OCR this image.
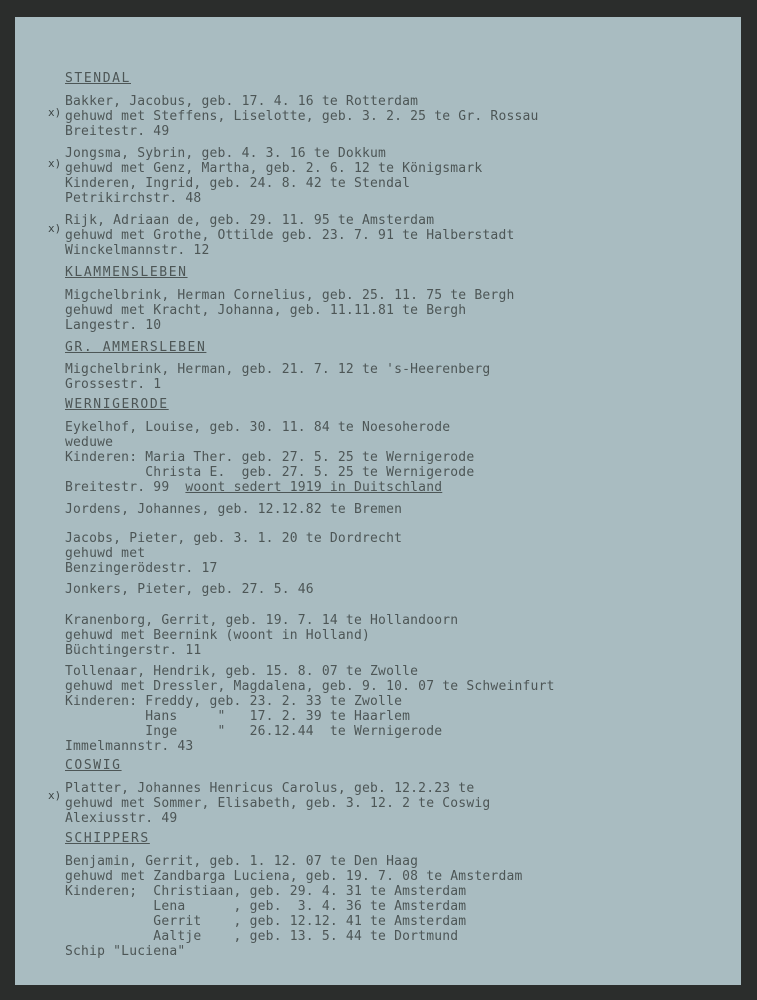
STENDAL
Bakker, Jacobus, geb. 17. 4. 16 te Rotterdam
gehuwd met Steffens, Liselotte, geb. 3. 2. 25 te Gr. Rossau
Breitestr. 49
Jongsma, Sybrin, geb. 4. 3. 16 te Dokkum
gehuwd met Genz, Martha, geb. 2. 6. 12 te Königsmark
Kinderen, Ingrid, geb. 24. 8. 42 te Stendal
Petrikirchstr. 48
Rijk, Adriaan de, geb. 29. 11. 95 te Amsterdam
gehuwd met Grothe, Ottilde geb. 23. 7. 91 te Halberstadt
Winckelmannstr. 12
KLAMMENSLEBEN
Migchelbrink, Herman Cornelius, geb. 25. 11. 75 te Bergh
gehuwd met Kracht, Johanna, geb. 11.11.81 te Bergh
Langestr. 10
GR. AMMERSLEBEN
Migchelbrink, Herman, geb. 21. 7. 12 te 's-Heerenberg
Grossestr. 1
WERNIGERODE
Eykelhof, Louise, geb. 30. 11. 84 te Noesoherode
weduwe
Kinderen: Maria Ther. geb. 27. 5. 25 te Wernigerode
Christa E.  geb. 27. 5. 25 te Wernigerode
Breitestr. 99  woont sedert 1919 in Duitschland
Jordens, Johannes, geb. 12.12.82 te Bremen
Jacobs, Pieter, geb. 3. 1. 20 te Dordrecht
gehuwd met
Benzingerödestr. 17
Jonkers, Pieter, geb. 27. 5. 46
Kranenborg, Gerrit, geb. 19. 7. 14 te Hollandoorn
gehuwd met Beernink (woont in Holland)
Büchtingerstr. 11
Tollenaar, Hendrik, geb. 15. 8. 07 te Zwolle
gehuwd met Dressler, Magdalena, geb. 9. 10. 07 te Schweinfurt
Kinderen: Freddy, geb. 23. 2. 33 te Zwolle
Hans     "   17. 2. 39 te Haarlem
Inge     "   26.12.44  te Wernigerode
Immelmannstr. 43
COSWIG
Platter, Johannes Henricus Carolus, geb. 12.2.23 te
gehuwd met Sommer, Elisabeth, geb. 3. 12. 2 te Coswig
Alexiusstr. 49
SCHIPPERS
Benjamin, Gerrit, geb. 1. 12. 07 te Den Haag
gehuwd met Zandbarga Luciena, geb. 19. 7. 08 te Amsterdam
Kinderen;  Christiaan, geb. 29. 4. 31 te Amsterdam
Lena      , geb.  3. 4. 36 te Amsterdam
Gerrit    , geb. 12.12. 41 te Amsterdam
Aaltje    , geb. 13. 5. 44 te Dortmund
Schip "Luciena"
x)
x)
x)
x)
